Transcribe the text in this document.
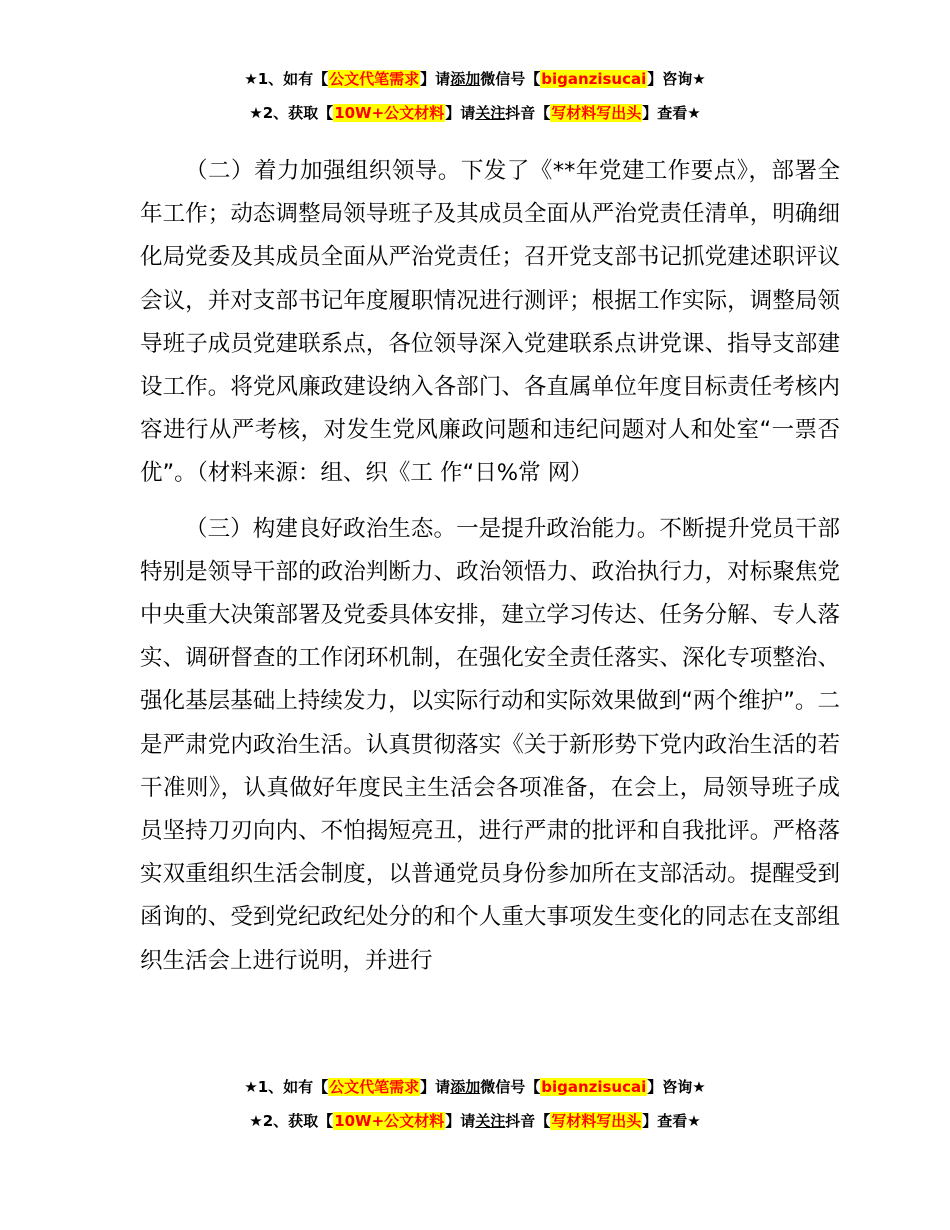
★1、如有【公文代笔需求】请添加微信号【biganzisucai】咨询★
★2、获取【10W+公文材料】请关注抖音【写材料写出头】查看★

（二）着力加强组织领导。下发了《**年党建工作要点》，部署全年工作；动态调整局领导班子及其成员全面从严治党责任清单，明确细化局党委及其成员全面从严治党责任；召开党支部书记抓党建述职评议会议，并对支部书记年度履职情况进行测评；根据工作实际，调整局领导班子成员党建联系点，各位领导深入党建联系点讲党课、指导支部建设工作。将党风廉政建设纳入各部门、各直属单位年度目标责任考核内容进行从严考核，对发生党风廉政问题和违纪问题对人和处室“一票否优”。（材料来源：组、织《工 作“日%常 网）

（三）构建良好政治生态。一是提升政治能力。不断提升党员干部特别是领导干部的政治判断力、政治领悟力、政治执行力，对标聚焦党中央重大决策部署及党委具体安排，建立学习传达、任务分解、专人落实、调研督查的工作闭环机制，在强化安全责任落实、深化专项整治、强化基层基础上持续发力，以实际行动和实际效果做到“两个维护”。二是严肃党内政治生活。认真贯彻落实《关于新形势下党内政治生活的若干准则》，认真做好年度民主生活会各项准备，在会上，局领导班子成员坚持刀刃向内、不怕揭短亮丑，进行严肃的批评和自我批评。严格落实双重组织生活会制度，以普通党员身份参加所在支部活动。提醒受到函询的、受到党纪政纪处分的和个人重大事项发生变化的同志在支部组织生活会上进行说明，并进行

★1、如有【公文代笔需求】请添加微信号【biganzisucai】咨询★
★2、获取【10W+公文材料】请关注抖音【写材料写出头】查看★
